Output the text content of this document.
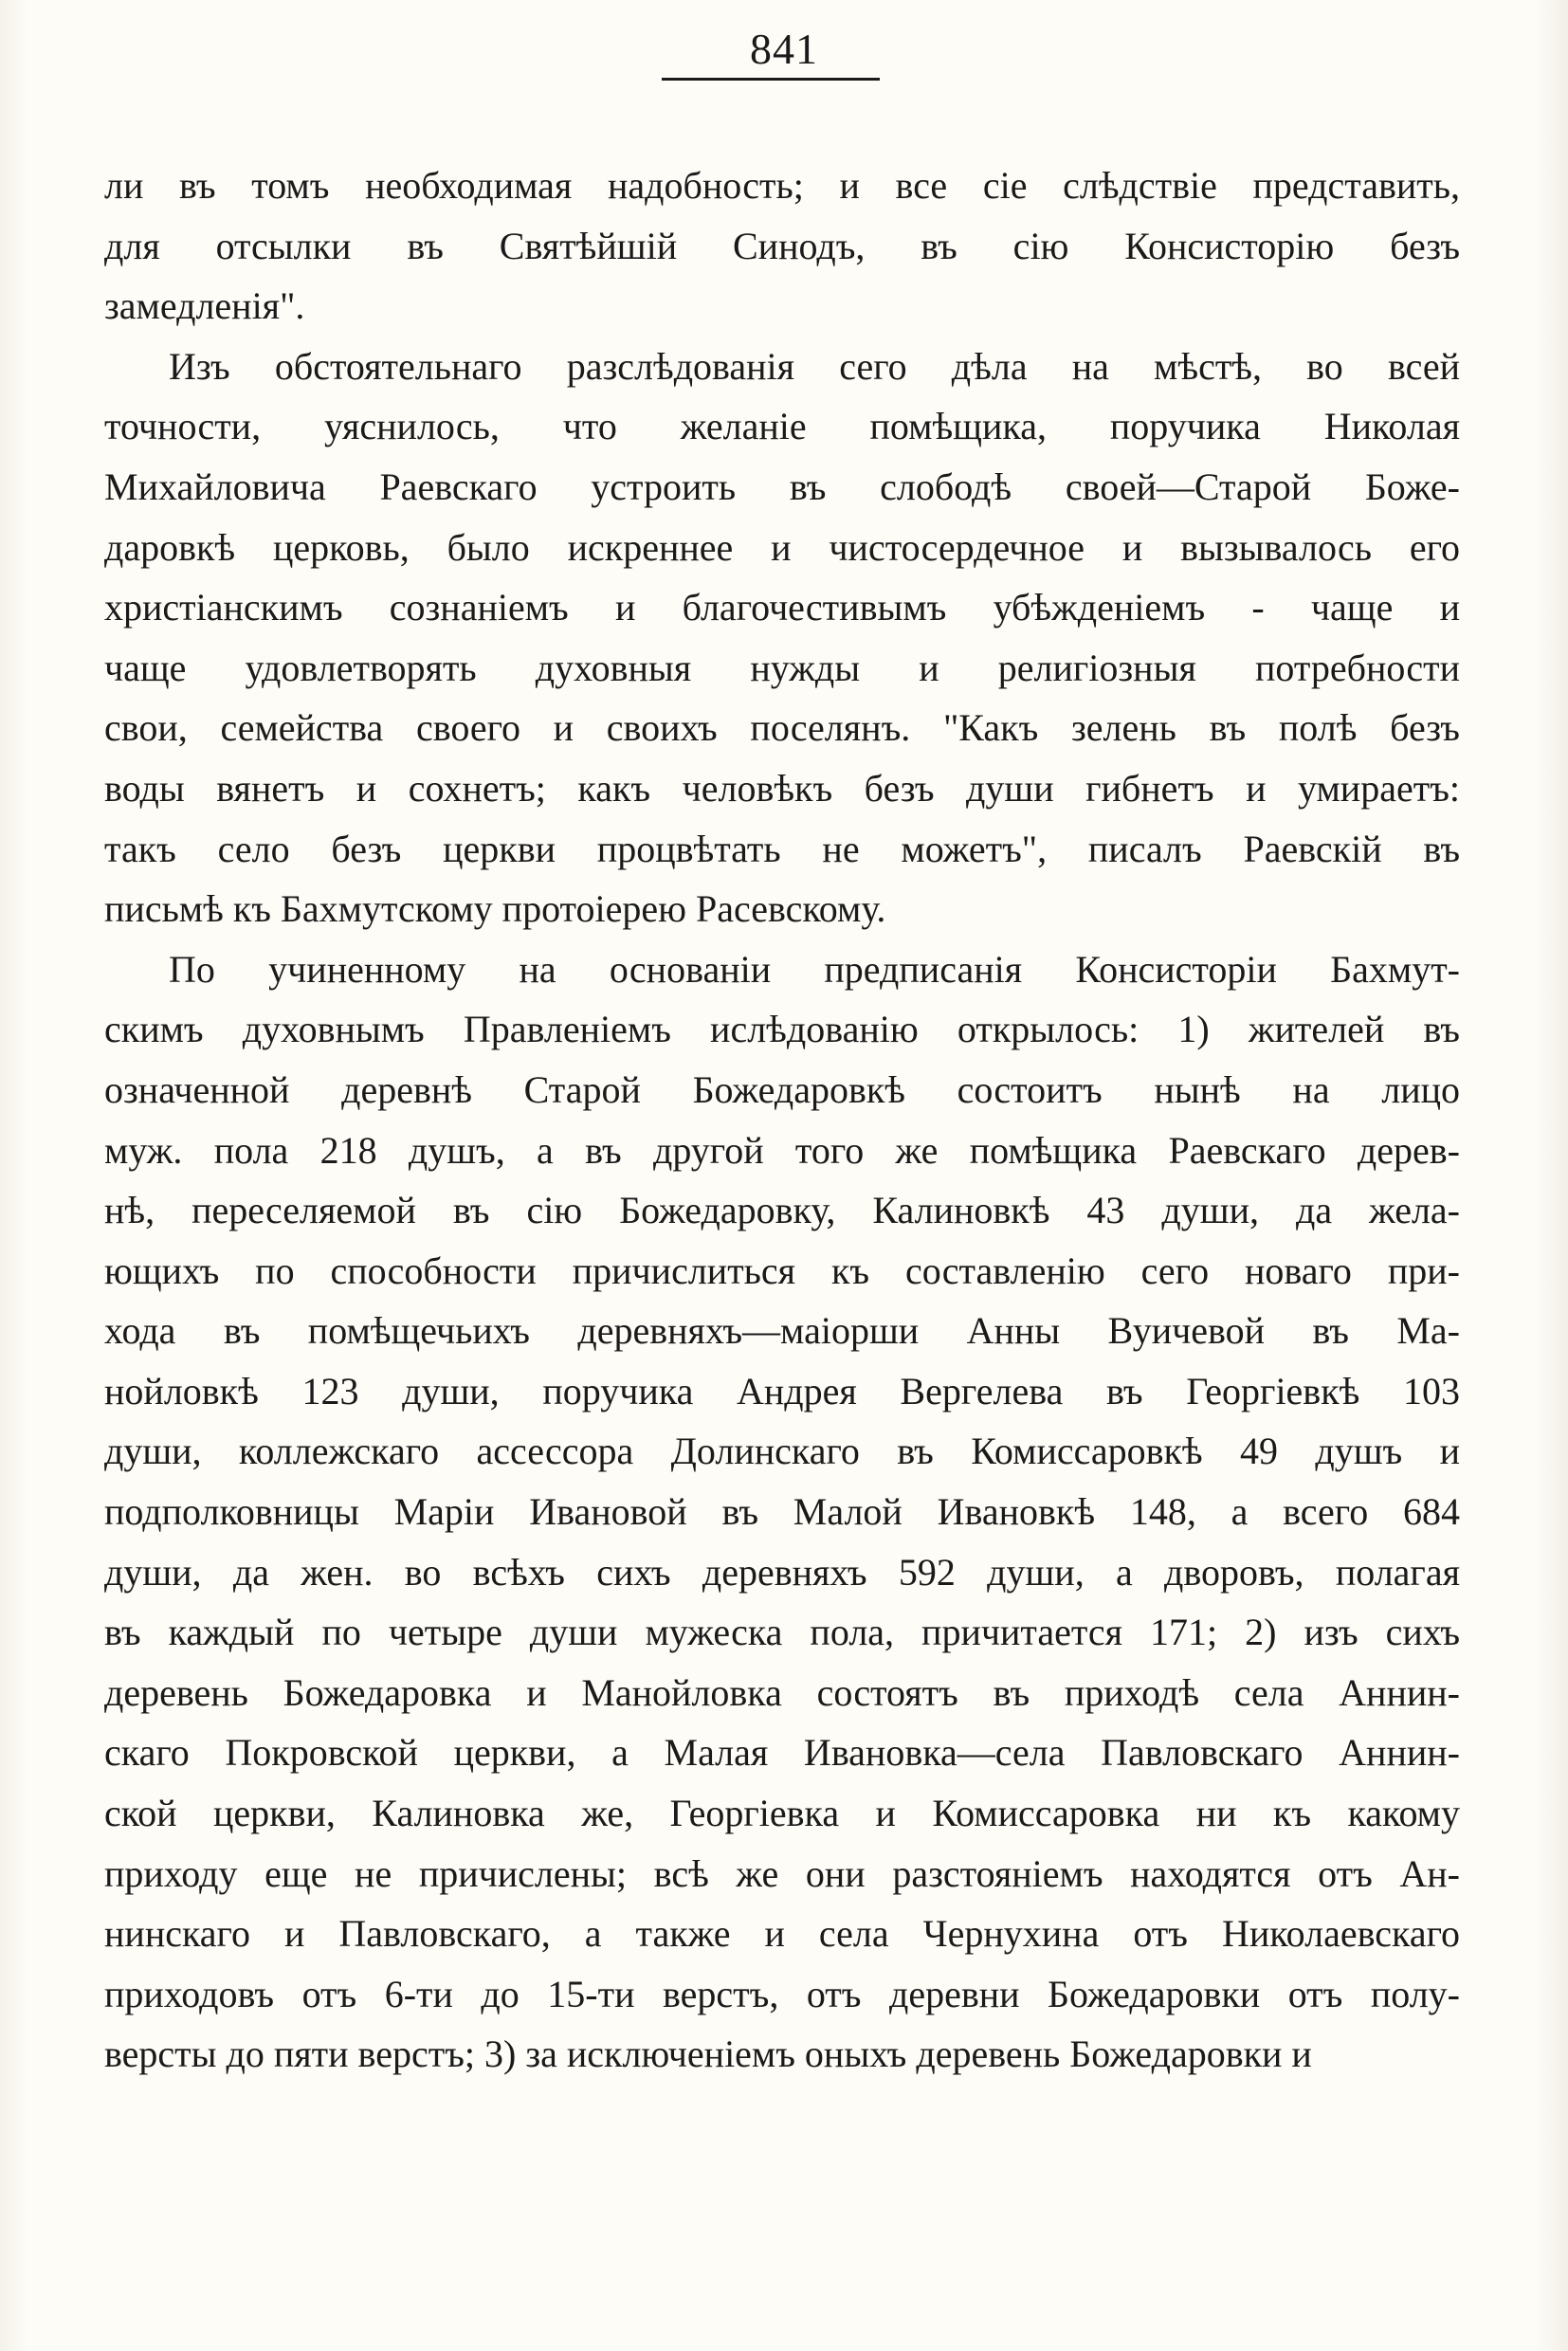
841
ли въ томъ необходимая надобность; и все сiе слѣдствiе представить,
для отсылки въ Святѣйшiй Синодъ, въ сiю Консисторiю безъ
замедленiя".
Изъ обстоятельнаго разслѣдованiя сего дѣла на мѣстѣ, во всей
точности, уяснилось, что желанiе помѣщика, поручика Николая
Михайловича Раевскаго устроить въ слободѣ своей—Старой Боже-
даровкѣ церковь, было искреннее и чистосердечное и вызывалось его
христiанскимъ сознанiемъ и благочестивымъ убѣжденiемъ - чаще и
чаще удовлетворять духовныя нужды и религiозныя потребности
свои, семейства своего и своихъ поселянъ. "Какъ зелень въ полѣ безъ
воды вянетъ и сохнетъ; какъ человѣкъ безъ души гибнетъ и умираетъ:
такъ село безъ церкви процвѣтать не можетъ", писалъ Раевскiй въ
письмѣ къ Бахмутскому протоiерею Расевскому.
По учиненному на основанiи предписанiя Консисторiи Бахмут-
скимъ духовнымъ Правленiемъ ислѣдованiю открылось: 1) жителей въ
означенной деревнѣ Старой Божедаровкѣ состоитъ нынѣ на лицо
муж. пола 218 душъ, а въ другой того же помѣщика Раевскаго дерев-
нѣ, переселяемой въ сiю Божедаровку, Калиновкѣ 43 души, да жела-
ющихъ по способности причислиться къ составленiю сего новаго при-
хода въ помѣщечьихъ деревняхъ—маiорши Анны Вуичевой въ Ма-
нойловкѣ 123 души, поручика Андрея Вергелева въ Георгiевкѣ 103
души, коллежскаго ассессора Долинскаго въ Комиссаровкѣ 49 душъ и
подполковницы Марiи Ивановой въ Малой Ивановкѣ 148, а всего 684
души, да жен. во всѣхъ сихъ деревняхъ 592 души, а дворовъ, полагая
въ каждый по четыре души мужеска пола, причитается 171; 2) изъ сихъ
деревень Божедаровка и Манойловка состоятъ въ приходѣ села Аннин-
скаго Покровской церкви, а Малая Ивановка—села Павловскаго Аннин-
ской церкви, Калиновка же, Георгiевка и Комиссаровка ни къ какому
приходу еще не причислены; всѣ же они разстоянiемъ находятся отъ Ан-
нинскаго и Павловскаго, а также и села Чернухина отъ Николаевскаго
приходовъ отъ 6-ти до 15-ти верстъ, отъ деревни Божедаровки отъ полу-
версты до пяти верстъ; 3) за исключенiемъ оныхъ деревень Божедаровки и
